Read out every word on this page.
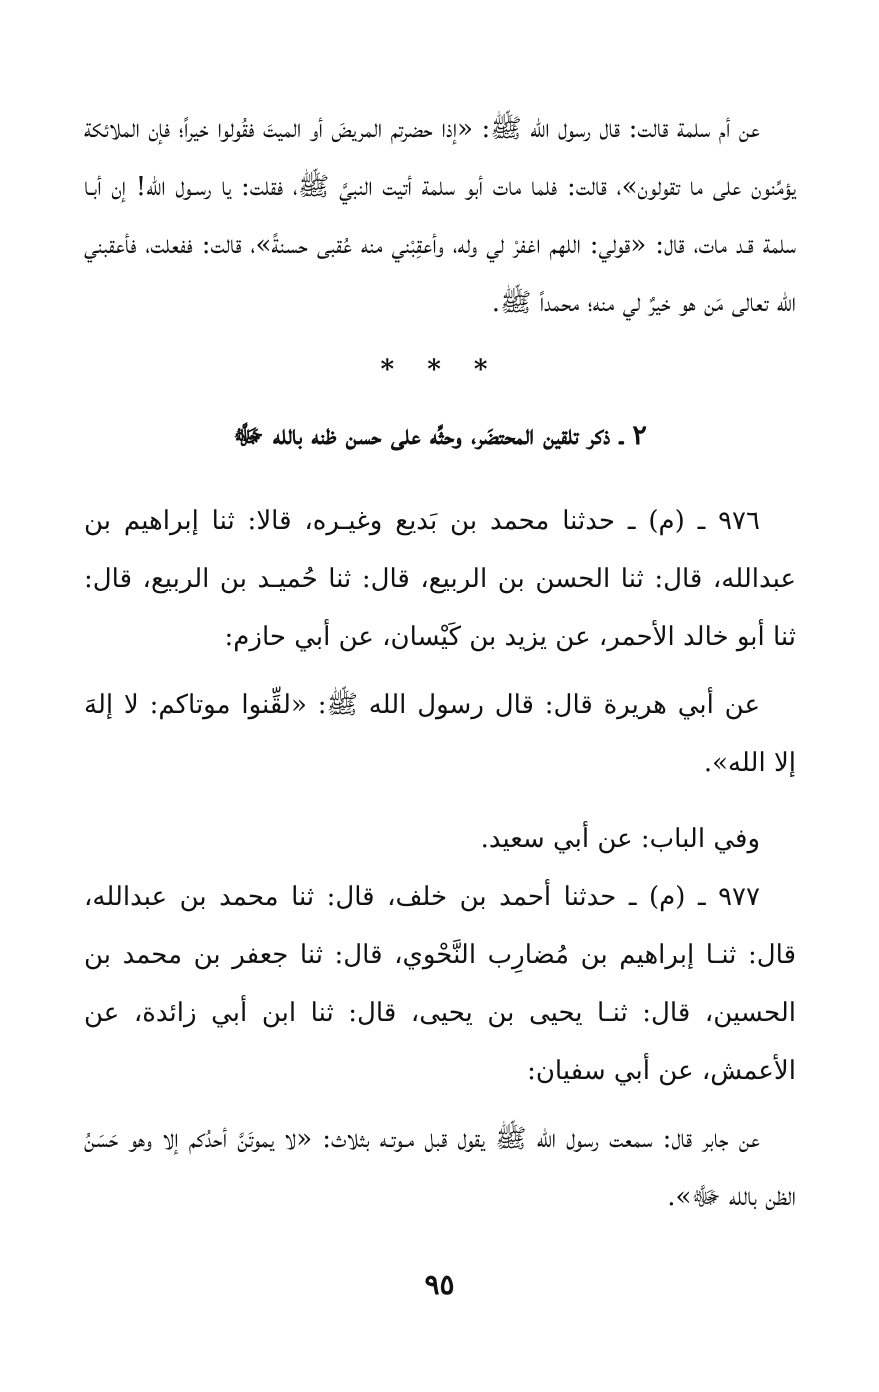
عن أم سلمة قالت: قال رسول الله ﷺ: «إذا حضرتم المريضَ أو الميتَ فقُولوا خيراً؛ فإن الملائكة يؤمِّنون على ما تقولون»، قالت: فلما مات أبو سلمة أتيت النبيَّ ﷺ، فقلت: يا رسـول الله! إن أبـا سلمة قـد مات، قال: «قولي: اللهم اغفرْ لي وله، وأعقِبْني منه عُقبى حسنةً»، قالت: ففعلت، فأعقبني الله تعالى مَن هو خيرٌ لي منه؛ محمداً ﷺ.

* * *
٢ ـ ذكر تلقين المحتضَر، وحثِّه على حسن ظنه بالله ﷻ

٩٧٦ ـ (م) ـ حدثنا محمد بن بَديع وغيـره، قالا: ثنا إبراهيم بن عبدالله، قال: ثنا الحسن بن الربيع، قال: ثنا حُميـد بن الربيع، قال: ثنا أبو خالد الأحمر، عن يزيد بن كَيْسان، عن أبي حازم:

عن أبي هريرة قال: قال رسول الله ﷺ: «لقِّنوا موتاكم: لا إلهَ إلا الله».

وفي الباب: عن أبي سعيد.

٩٧٧ ـ (م) ـ حدثنا أحمد بن خلف، قال: ثنا محمد بن عبدالله، قال: ثنـا إبراهيم بن مُضارِب النَّحْوي، قال: ثنا جعفر بن محمد بن الحسين، قال: ثنـا يحيى بن يحيى، قال: ثنا ابن أبي زائدة، عن الأعمش، عن أبي سفيان:

عن جابر قال: سمعت رسول الله ﷺ يقول قبل مـوتـه بثلاث: «لا يموتَنَّ أحدُكم إلا وهو حَسَنُ الظن بالله ﷻ».

٩٥
